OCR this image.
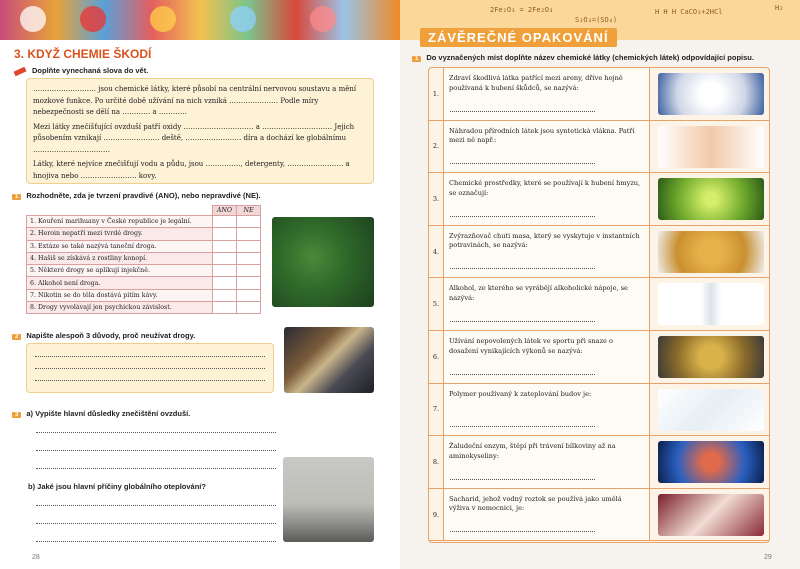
3. KDYŽ CHEMIE ŠKODÍ
Doplňte vynechaná slova do vět.

……………………… jsou chemické látky, které působí na centrální nervovou soustavu a mění mozkové funkce. Po určité době užívání na nich vzniká ………………… Podle míry nebezpečnosti se dělí na ………… a …………

Mezi látky znečišťující ovzduší patří oxidy ………………………… a ………………………… Jejich působením vznikají …………………… deště, …………………… díra a dochází ke globálnímu ……………………………

Látky, které nejvíce znečišťují vodu a půdu, jsou ……………, detergenty, …………………… a hnojiva nebo …………………… kovy.

1 Rozhodněte, zda je tvrzení pravdivé (ANO), nebo nepravdivé (NE).
	ANO	NE
1. Kouření marihuany v České republice je legální.		
2. Heroin nepatří mezi tvrdé drogy.		
3. Extáze se také nazývá taneční droga.		
4. Hašiš se získává z rostliny konopí.		
5. Některé drogy se aplikují injekčně.		
6. Alkohol není droga.		
7. Nikotin se do těla dostává pitím kávy.		
8. Drogy vyvolávají jen psychickou závislost.		
2 Napište alespoň 3 důvody, proč neužívat drogy.
3 a) Vypište hlavní důsledky znečištění ovzduší.
b) Jaké jsou hlavní příčiny globálního oteplování?
28
2Fe₂O₃ = 2Fe₂O₃
S₂O₃=(SO₄)
H H H CaCO₃+2HCl	H₂
29
ZÁVĚREČNÉ OPAKOVÁNÍ
1 Do vyznačených míst doplňte název chemické látky (chemických látek) odpovídající popisu.
1.
Zdraví škodlivá látka patřící mezi areny, dříve hojně používaná k hubení škůdců, se nazývá:
2.
Náhradou přírodních látek jsou syntetická vlákna. Patří mezi ně např.:
3.
Chemické prostředky, které se používají k hubení hmyzu, se označují:
4.
Zvýrazňovač chuti masa, který se vyskytuje v instantních potravinách, se nazývá:
5.
Alkohol, ze kterého se vyrábějí alkoholické nápoje, se nazývá:
6.
Užívání nepovolených látek ve sportu při snaze o dosažení vynikajících výkonů se nazývá:
7.
Polymer používaný k zateplování budov je:
8.
Žaludeční enzym, štěpí při trávení bílkoviny až na aminokyseliny:
9.
Sacharid, jehož vodný roztok se používá jako umělá výživa v nemocnici, je:
